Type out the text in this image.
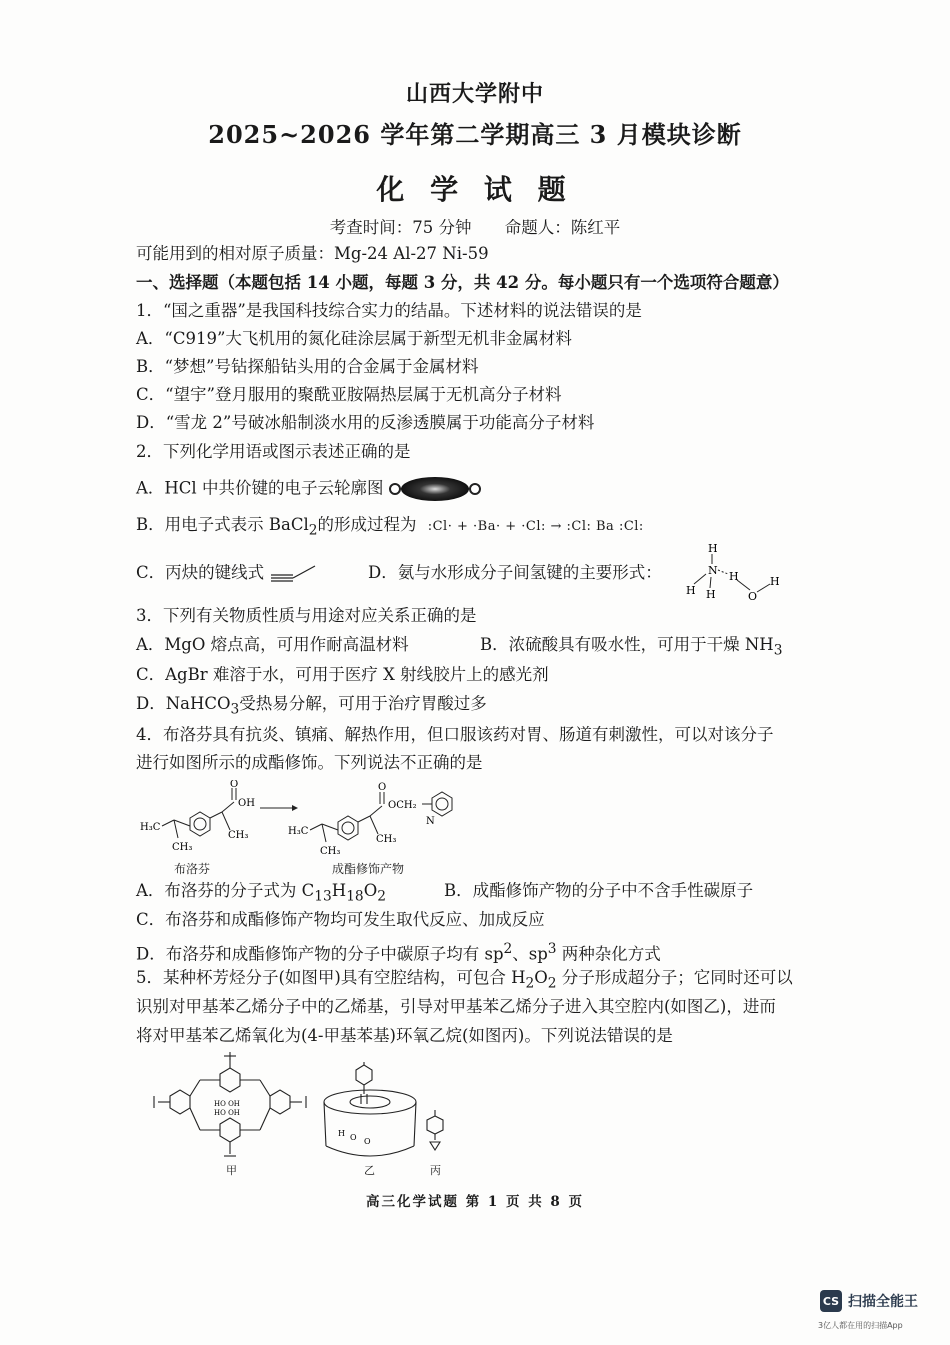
山西大学附中
2025~2026 学年第二学期高三 3 月模块诊断
化 学 试 题
考查时间：75 分钟 命题人：陈红平
可能用到的相对原子质量：Mg-24 Al-27 Ni-59
一、选择题（本题包括 14 小题，每题 3 分，共 42 分。每小题只有一个选项符合题意）
1．“国之重器”是我国科技综合实力的结晶。下述材料的说法错误的是
A．“C919”大飞机用的氮化硅涂层属于新型无机非金属材料
B．“梦想”号钻探船钻头用的合金属于金属材料
C．“望宇”登月服用的聚酰亚胺隔热层属于无机高分子材料
D．“雪龙 2”号破冰船制淡水用的反渗透膜属于功能高分子材料
2．下列化学用语或图示表述正确的是
A．HCl 中共价键的电子云轮廓图
B．用电子式表示 BaCl$_2$的形成过程为 :Cl· + ·Ba· + ·Cl: → :Cl: Ba :Cl:
C．丙炔的键线式	D．氨与水形成分子间氢键的主要形式：
H
N
H H
H
O
H
3．下列有关物质性质与用途对应关系正确的是
A．MgO 熔点高，可用作耐高温材料	B．浓硫酸具有吸水性，可用于干燥 $NH_3$
C．AgBr 难溶于水，可用于医疗 X 射线胶片上的感光剂
D．NaHCO$_3$受热易分解，可用于治疗胃酸过多
4．布洛芬具有抗炎、镇痛、解热作用，但口服该药对胃、肠道有刺激性，可以对该分子
进行如图所示的成酯修饰。下列说法不正确的是
H₃C
CH₃
CH₃
O
OH
H₃C
CH₃
CH₃
O
OCH₂
N
布洛芬	成酯修饰产物
A．布洛芬的分子式为 $C_{13}H_{18}O_2$	B．成酯修饰产物的分子中不含手性碳原子
C．布洛芬和成酯修饰产物均可发生取代反应、加成反应
D．布洛芬和成酯修饰产物的分子中碳原子均有 $sp^2$、$sp^3$ 两种杂化方式
5．某种杯芳烃分子(如图甲)具有空腔结构，可包合 $H_2O_2$ 分子形成超分子；它同时还可以
识别对甲基苯乙烯分子中的乙烯基，引导对甲基苯乙烯分子进入其空腔内(如图乙)，进而
将对甲基苯乙烯氧化为(4-甲基苯基)环氧乙烷(如图丙)。下列说法错误的是
HO OH
HO OH
H O O
甲	乙	丙
高三化学试题 第 1 页 共 8 页
CS 扫描全能王
3亿人都在用的扫描App
